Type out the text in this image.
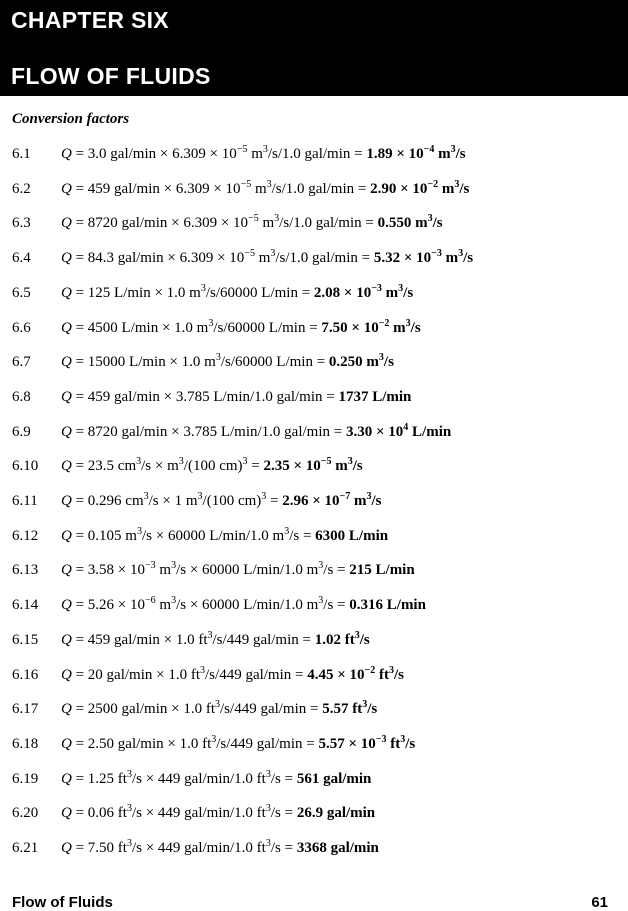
CHAPTER SIX
FLOW OF FLUIDS
Conversion factors
6.1 Q = 3.0 $gal/\min \times 6.309 \times 10^{-5}$ $m^3/s/1.0$ $gal/\min = 1.89 \times 10^{-4}$ $m^3/s$
6.2 Q = 459 $gal/\min \times 6.309 \times 10^{-5}$ $m^3/s/1.0$ $gal/\min = 2.90 \times 10^{-2}$ $m^3/s$
6.3 Q = 8720 $gal/\min \times 6.309 \times 10^{-5}$ $m^3/s/1.0$ gal/min = 0.550 $m^3/s$
6.4 Q = 84.3 $gal/\min \times 6.309 \times 10^{-5}$ $m^3/s/1.0$ $gal/\min = 5.32 \times 10^{-3}$ $m^3/s$
6.5 Q = 125 L/min × 1.0 $m^3/s/60000$ $L/\min = 2.08 \times 10^{-3}$ $m^3/s$
6.6 Q = 4500 L/min × 1.0 $m^3/s/60000$ $L/\min = 7.50 \times 10^{-2}$ $m^3/s$
6.7 Q = 15000 L/min × 1.0 $m^3/s/60000$ L/min = 0.250 $m^3/s$
6.8 Q = 459 gal/min × 3.785 L/min/1.0 gal/min = 1737 L/min
6.9 Q = 8720 gal/min × 3.785 L/min/1.0 $gal/\min = 3.30 \times 10^4$ L/min
6.10 Q = 23.5 $cm^3/s \times m^3/(100$ $cm)^3 = 2.35 \times 10^{-5}$ $m^3/s$
6.11 Q = 0.296 $cm^3/s \times 1$ $m^3/(100$ $cm)^3 = 2.96 \times 10^{-7}$ $m^3/s$
6.12 Q = 0.105 $m^3/s \times 60000$ L/min/1.0 $m^3/s = 6300$ L/min
6.13 $Q = 3.58 \times 10^{-3}$ $m^3/s \times 60000$ L/min/1.0 $m^3/s = 215$ L/min
6.14 $Q = 5.26 \times 10^{-6}$ $m^3/s \times 60000$ L/min/1.0 $m^3/s = 0.316$ L/min
6.15 Q = 459 gal/min × 1.0 $ft^3/s/449$ gal/min = 1.02 $ft^3/s$
6.16 Q = 20 gal/min × 1.0 $ft^3/s/449$ $gal/\min = 4.45 \times 10^{-2}$ $ft^3/s$
6.17 Q = 2500 gal/min × 1.0 $ft^3/s/449$ gal/min = 5.57 $ft^3/s$
6.18 Q = 2.50 gal/min × 1.0 $ft^3/s/449$ $gal/\min = 5.57 \times 10^{-3}$ $ft^3/s$
6.19 Q = 1.25 $ft^3/s \times 449$ gal/min/1.0 $ft^3/s = 561$ gal/min
6.20 Q = 0.06 $ft^3/s \times 449$ gal/min/1.0 $ft^3/s = 26.9$ gal/min
6.21 Q = 7.50 $ft^3/s \times 449$ gal/min/1.0 $ft^3/s = 3368$ gal/min
Flow of Fluids	61
